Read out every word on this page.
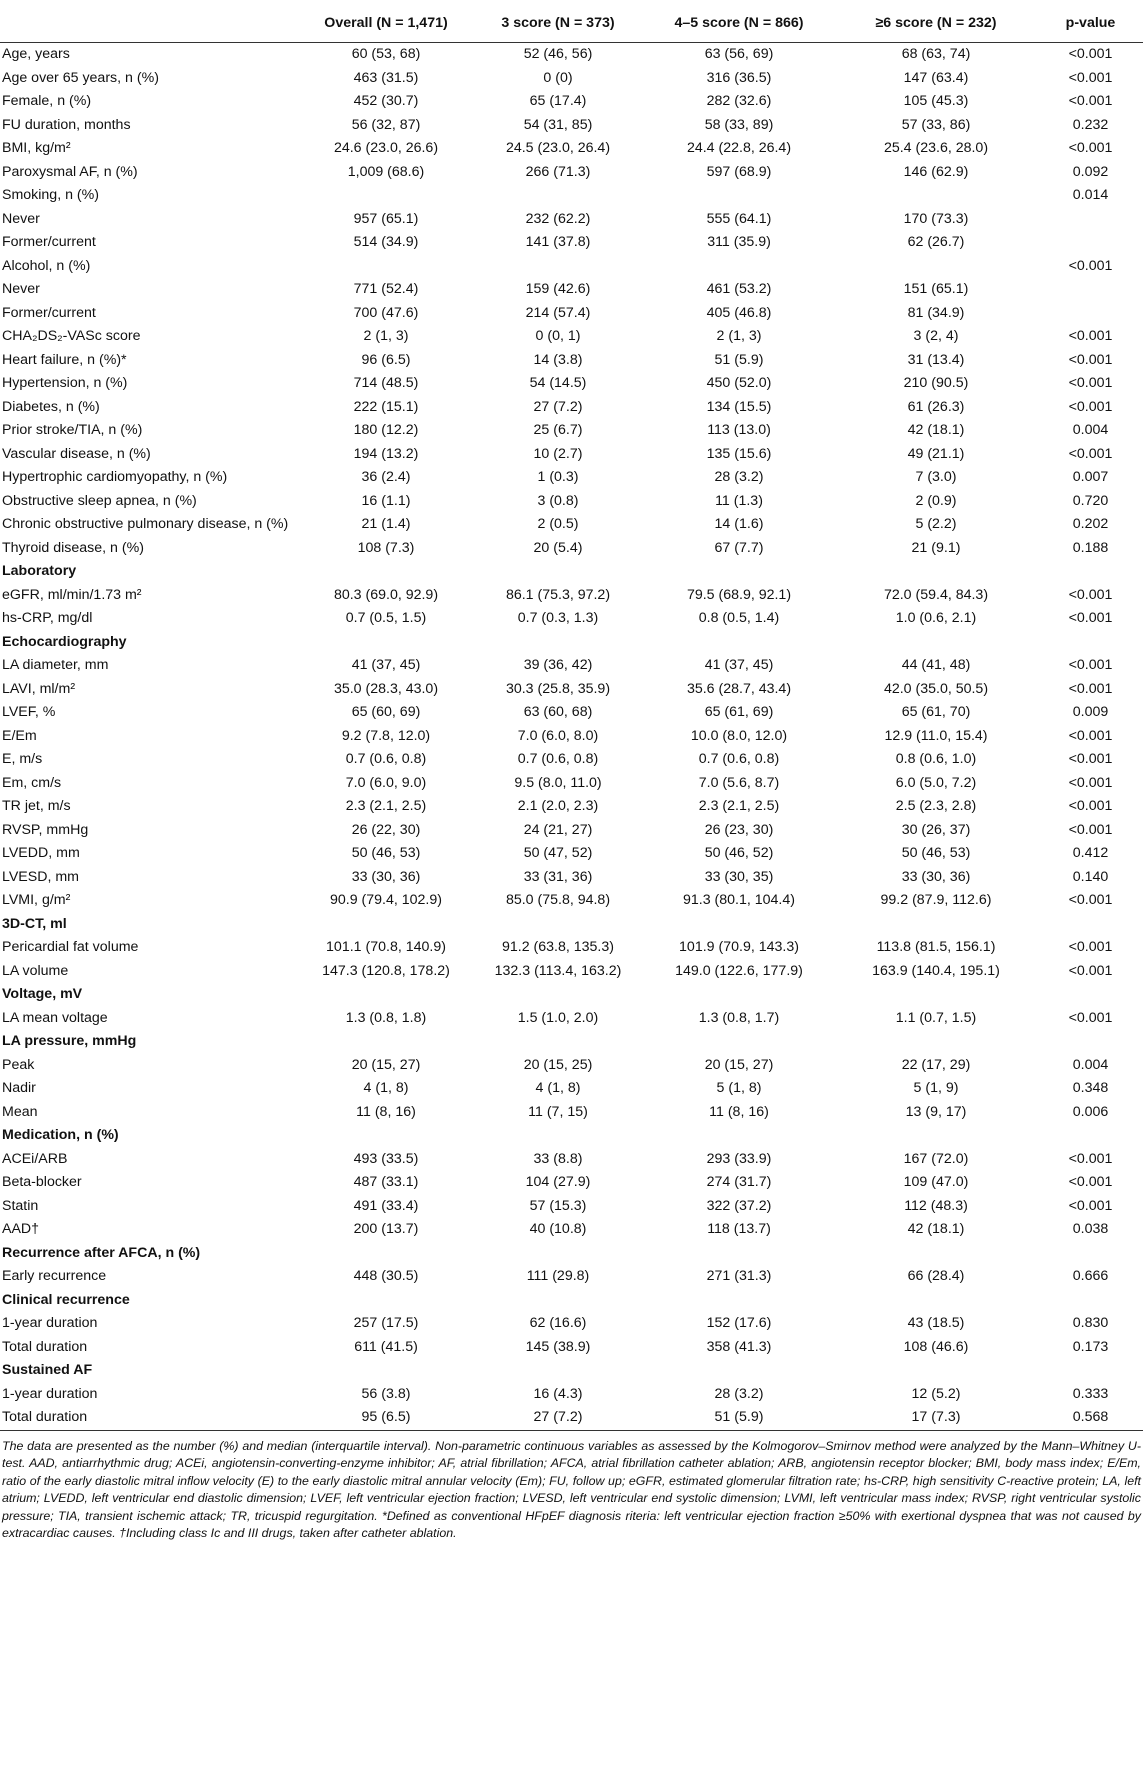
	Overall (N = 1,471)	3 score (N = 373)	4–5 score (N = 866)	≥6 score (N = 232)	p-value
Age, years	60 (53, 68)	52 (46, 56)	63 (56, 69)	68 (63, 74)	<0.001
Age over 65 years, n (%)	463 (31.5)	0 (0)	316 (36.5)	147 (63.4)	<0.001
Female, n (%)	452 (30.7)	65 (17.4)	282 (32.6)	105 (45.3)	<0.001
FU duration, months	56 (32, 87)	54 (31, 85)	58 (33, 89)	57 (33, 86)	0.232
BMI, kg/m²	24.6 (23.0, 26.6)	24.5 (23.0, 26.4)	24.4 (22.8, 26.4)	25.4 (23.6, 28.0)	<0.001
Paroxysmal AF, n (%)	1,009 (68.6)	266 (71.3)	597 (68.9)	146 (62.9)	0.092
Smoking, n (%)					0.014
Never	957 (65.1)	232 (62.2)	555 (64.1)	170 (73.3)	
Former/current	514 (34.9)	141 (37.8)	311 (35.9)	62 (26.7)	
Alcohol, n (%)					<0.001
Never	771 (52.4)	159 (42.6)	461 (53.2)	151 (65.1)	
Former/current	700 (47.6)	214 (57.4)	405 (46.8)	81 (34.9)	
CHA₂DS₂-VASc score	2 (1, 3)	0 (0, 1)	2 (1, 3)	3 (2, 4)	<0.001
Heart failure, n (%)*	96 (6.5)	14 (3.8)	51 (5.9)	31 (13.4)	<0.001
Hypertension, n (%)	714 (48.5)	54 (14.5)	450 (52.0)	210 (90.5)	<0.001
Diabetes, n (%)	222 (15.1)	27 (7.2)	134 (15.5)	61 (26.3)	<0.001
Prior stroke/TIA, n (%)	180 (12.2)	25 (6.7)	113 (13.0)	42 (18.1)	0.004
Vascular disease, n (%)	194 (13.2)	10 (2.7)	135 (15.6)	49 (21.1)	<0.001
Hypertrophic cardiomyopathy, n (%)	36 (2.4)	1 (0.3)	28 (3.2)	7 (3.0)	0.007
Obstructive sleep apnea, n (%)	16 (1.1)	3 (0.8)	11 (1.3)	2 (0.9)	0.720
Chronic obstructive pulmonary disease, n (%)	21 (1.4)	2 (0.5)	14 (1.6)	5 (2.2)	0.202
Thyroid disease, n (%)	108 (7.3)	20 (5.4)	67 (7.7)	21 (9.1)	0.188
Laboratory					
eGFR, ml/min/1.73 m²	80.3 (69.0, 92.9)	86.1 (75.3, 97.2)	79.5 (68.9, 92.1)	72.0 (59.4, 84.3)	<0.001
hs-CRP, mg/dl	0.7 (0.5, 1.5)	0.7 (0.3, 1.3)	0.8 (0.5, 1.4)	1.0 (0.6, 2.1)	<0.001
Echocardiography					
LA diameter, mm	41 (37, 45)	39 (36, 42)	41 (37, 45)	44 (41, 48)	<0.001
LAVI, ml/m²	35.0 (28.3, 43.0)	30.3 (25.8, 35.9)	35.6 (28.7, 43.4)	42.0 (35.0, 50.5)	<0.001
LVEF, %	65 (60, 69)	63 (60, 68)	65 (61, 69)	65 (61, 70)	0.009
E/Em	9.2 (7.8, 12.0)	7.0 (6.0, 8.0)	10.0 (8.0, 12.0)	12.9 (11.0, 15.4)	<0.001
E, m/s	0.7 (0.6, 0.8)	0.7 (0.6, 0.8)	0.7 (0.6, 0.8)	0.8 (0.6, 1.0)	<0.001
Em, cm/s	7.0 (6.0, 9.0)	9.5 (8.0, 11.0)	7.0 (5.6, 8.7)	6.0 (5.0, 7.2)	<0.001
TR jet, m/s	2.3 (2.1, 2.5)	2.1 (2.0, 2.3)	2.3 (2.1, 2.5)	2.5 (2.3, 2.8)	<0.001
RVSP, mmHg	26 (22, 30)	24 (21, 27)	26 (23, 30)	30 (26, 37)	<0.001
LVEDD, mm	50 (46, 53)	50 (47, 52)	50 (46, 52)	50 (46, 53)	0.412
LVESD, mm	33 (30, 36)	33 (31, 36)	33 (30, 35)	33 (30, 36)	0.140
LVMI, g/m²	90.9 (79.4, 102.9)	85.0 (75.8, 94.8)	91.3 (80.1, 104.4)	99.2 (87.9, 112.6)	<0.001
3D-CT, ml					
Pericardial fat volume	101.1 (70.8, 140.9)	91.2 (63.8, 135.3)	101.9 (70.9, 143.3)	113.8 (81.5, 156.1)	<0.001
LA volume	147.3 (120.8, 178.2)	132.3 (113.4, 163.2)	149.0 (122.6, 177.9)	163.9 (140.4, 195.1)	<0.001
Voltage, mV					
LA mean voltage	1.3 (0.8, 1.8)	1.5 (1.0, 2.0)	1.3 (0.8, 1.7)	1.1 (0.7, 1.5)	<0.001
LA pressure, mmHg					
Peak	20 (15, 27)	20 (15, 25)	20 (15, 27)	22 (17, 29)	0.004
Nadir	4 (1, 8)	4 (1, 8)	5 (1, 8)	5 (1, 9)	0.348
Mean	11 (8, 16)	11 (7, 15)	11 (8, 16)	13 (9, 17)	0.006
Medication, n (%)					
ACEi/ARB	493 (33.5)	33 (8.8)	293 (33.9)	167 (72.0)	<0.001
Beta-blocker	487 (33.1)	104 (27.9)	274 (31.7)	109 (47.0)	<0.001
Statin	491 (33.4)	57 (15.3)	322 (37.2)	112 (48.3)	<0.001
AAD†	200 (13.7)	40 (10.8)	118 (13.7)	42 (18.1)	0.038
Recurrence after AFCA, n (%)					
Early recurrence	448 (30.5)	111 (29.8)	271 (31.3)	66 (28.4)	0.666
Clinical recurrence					
1-year duration	257 (17.5)	62 (16.6)	152 (17.6)	43 (18.5)	0.830
Total duration	611 (41.5)	145 (38.9)	358 (41.3)	108 (46.6)	0.173
Sustained AF					
1-year duration	56 (3.8)	16 (4.3)	28 (3.2)	12 (5.2)	0.333
Total duration	95 (6.5)	27 (7.2)	51 (5.9)	17 (7.3)	0.568
The data are presented as the number (%) and median (interquartile interval). Non-parametric continuous variables as assessed by the Kolmogorov–Smirnov method were analyzed by the Mann–Whitney U-test. AAD, antiarrhythmic drug; ACEi, angiotensin-converting-enzyme inhibitor; AF, atrial fibrillation; AFCA, atrial fibrillation catheter ablation; ARB, angiotensin receptor blocker; BMI, body mass index; E/Em, ratio of the early diastolic mitral inflow velocity (E) to the early diastolic mitral annular velocity (Em); FU, follow up; eGFR, estimated glomerular filtration rate; hs-CRP, high sensitivity C-reactive protein; LA, left atrium; LVEDD, left ventricular end diastolic dimension; LVEF, left ventricular ejection fraction; LVESD, left ventricular end systolic dimension; LVMI, left ventricular mass index; RVSP, right ventricular systolic pressure; TIA, transient ischemic attack; TR, tricuspid regurgitation. *Defined as conventional HFpEF diagnosis riteria: left ventricular ejection fraction ≥50% with exertional dyspnea that was not caused by extracardiac causes. †Including class Ic and III drugs, taken after catheter ablation.
